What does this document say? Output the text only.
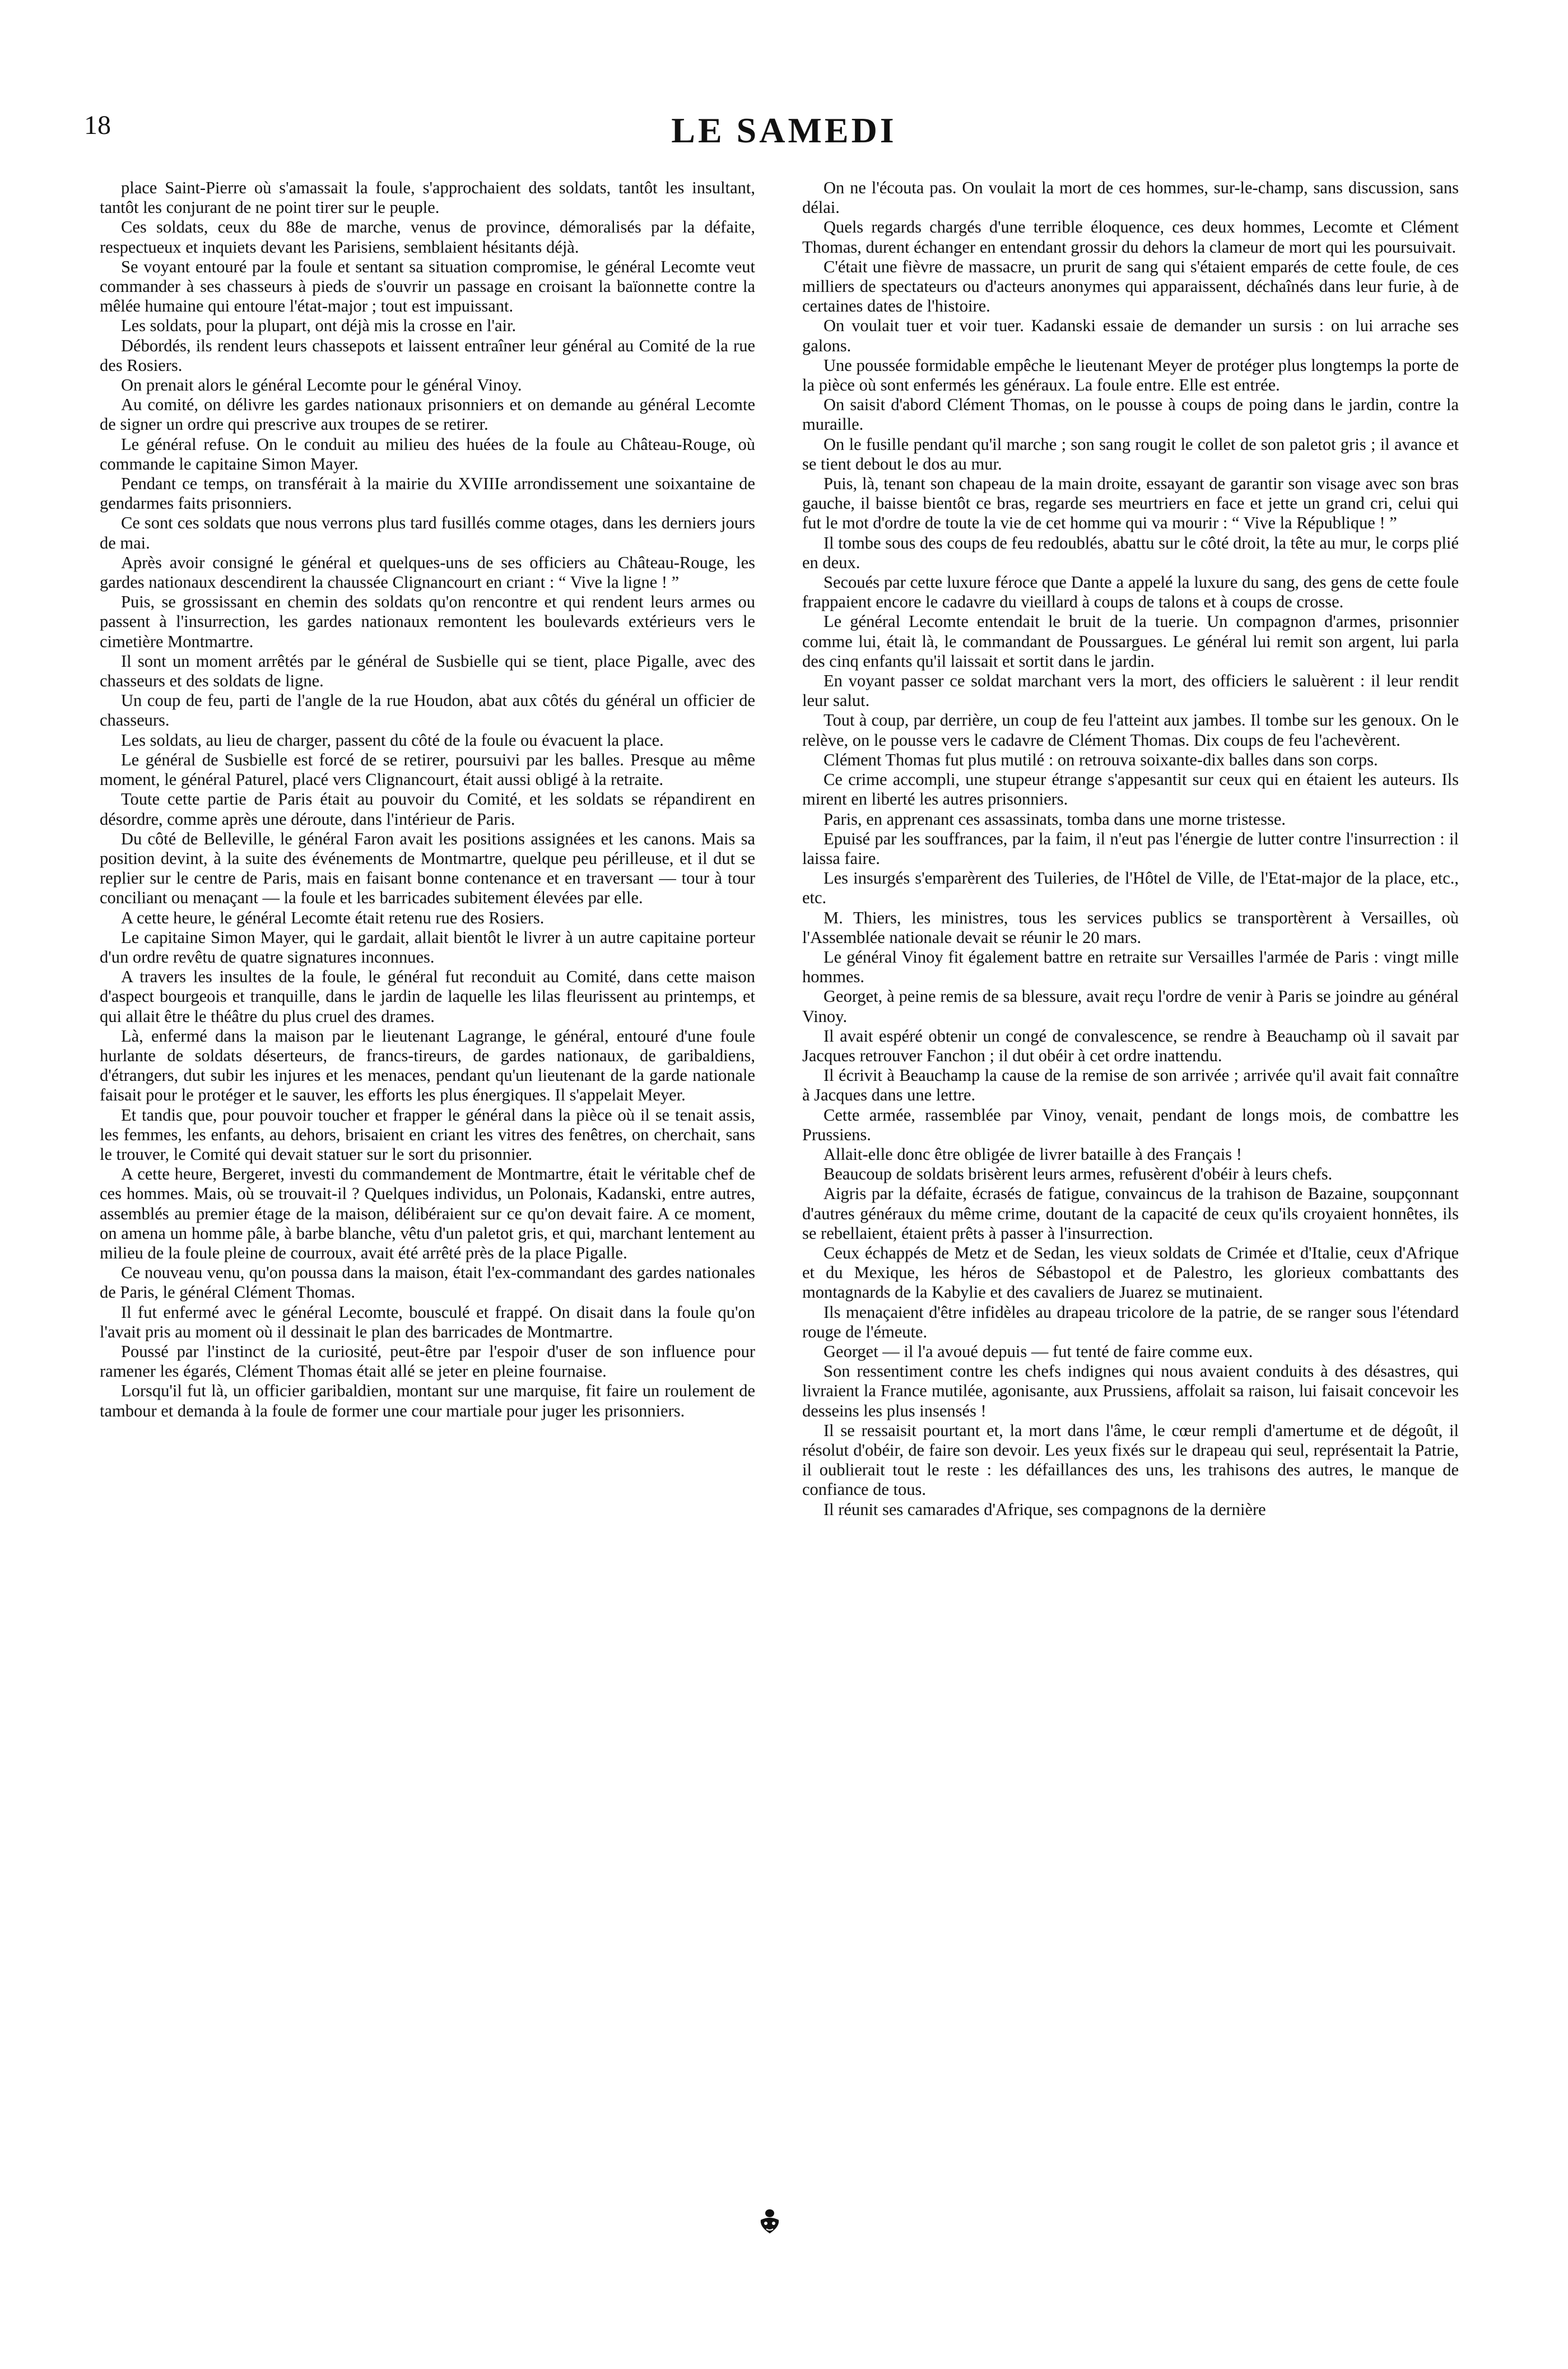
18	LE SAMEDI

place Saint-Pierre où s'amassait la foule, s'approchaient des soldats, tantôt les insultant, tantôt les conjurant de ne point tirer sur le peuple.

Ces soldats, ceux du 88e de marche, venus de province, démoralisés par la défaite, respectueux et inquiets devant les Parisiens, semblaient hésitants déjà.

Se voyant entouré par la foule et sentant sa situation compromise, le général Lecomte veut commander à ses chasseurs à pieds de s'ouvrir un passage en croisant la baïonnette contre la mêlée humaine qui entoure l'état-major ; tout est impuissant.

Les soldats, pour la plupart, ont déjà mis la crosse en l'air.

Débordés, ils rendent leurs chassepots et laissent entraîner leur général au Comité de la rue des Rosiers.

On prenait alors le général Lecomte pour le général Vinoy.

Au comité, on délivre les gardes nationaux prisonniers et on demande au général Lecomte de signer un ordre qui prescrive aux troupes de se retirer.

Le général refuse. On le conduit au milieu des huées de la foule au Château-Rouge, où commande le capitaine Simon Mayer.

Pendant ce temps, on transférait à la mairie du XVIIIe arrondissement une soixantaine de gendarmes faits prisonniers.

Ce sont ces soldats que nous verrons plus tard fusillés comme otages, dans les derniers jours de mai.

Après avoir consigné le général et quelques-uns de ses officiers au Château-Rouge, les gardes nationaux descendirent la chaussée Clignancourt en criant : “ Vive la ligne ! ”

Puis, se grossissant en chemin des soldats qu'on rencontre et qui rendent leurs armes ou passent à l'insurrection, les gardes nationaux remontent les boulevards extérieurs vers le cimetière Montmartre.

Il sont un moment arrêtés par le général de Susbielle qui se tient, place Pigalle, avec des chasseurs et des soldats de ligne.

Un coup de feu, parti de l'angle de la rue Houdon, abat aux côtés du général un officier de chasseurs.

Les soldats, au lieu de charger, passent du côté de la foule ou évacuent la place.

Le général de Susbielle est forcé de se retirer, poursuivi par les balles. Presque au même moment, le général Paturel, placé vers Clignancourt, était aussi obligé à la retraite.

Toute cette partie de Paris était au pouvoir du Comité, et les soldats se répandirent en désordre, comme après une déroute, dans l'intérieur de Paris.

Du côté de Belleville, le général Faron avait les positions assignées et les canons. Mais sa position devint, à la suite des événements de Montmartre, quelque peu périlleuse, et il dut se replier sur le centre de Paris, mais en faisant bonne contenance et en traversant — tour à tour conciliant ou menaçant — la foule et les barricades subitement élevées par elle.

A cette heure, le général Lecomte était retenu rue des Rosiers.

Le capitaine Simon Mayer, qui le gardait, allait bientôt le livrer à un autre capitaine porteur d'un ordre revêtu de quatre signatures inconnues.

A travers les insultes de la foule, le général fut reconduit au Comité, dans cette maison d'aspect bourgeois et tranquille, dans le jardin de laquelle les lilas fleurissent au printemps, et qui allait être le théâtre du plus cruel des drames.

Là, enfermé dans la maison par le lieutenant Lagrange, le général, entouré d'une foule hurlante de soldats déserteurs, de francs-tireurs, de gardes nationaux, de garibaldiens, d'étrangers, dut subir les injures et les menaces, pendant qu'un lieutenant de la garde nationale faisait pour le protéger et le sauver, les efforts les plus énergiques. Il s'appelait Meyer.

Et tandis que, pour pouvoir toucher et frapper le général dans la pièce où il se tenait assis, les femmes, les enfants, au dehors, brisaient en criant les vitres des fenêtres, on cherchait, sans le trouver, le Comité qui devait statuer sur le sort du prisonnier.

A cette heure, Bergeret, investi du commandement de Montmartre, était le véritable chef de ces hommes. Mais, où se trouvait-il ? Quelques individus, un Polonais, Kadanski, entre autres, assemblés au premier étage de la maison, délibéraient sur ce qu'on devait faire. A ce moment, on amena un homme pâle, à barbe blanche, vêtu d'un paletot gris, et qui, marchant lentement au milieu de la foule pleine de courroux, avait été arrêté près de la place Pigalle.

Ce nouveau venu, qu'on poussa dans la maison, était l'ex-commandant des gardes nationales de Paris, le général Clément Thomas.

Il fut enfermé avec le général Lecomte, bousculé et frappé. On disait dans la foule qu'on l'avait pris au moment où il dessinait le plan des barricades de Montmartre.

Poussé par l'instinct de la curiosité, peut-être par l'espoir d'user de son influence pour ramener les égarés, Clément Thomas était allé se jeter en pleine fournaise.

Lorsqu'il fut là, un officier garibaldien, montant sur une marquise, fit faire un roulement de tambour et demanda à la foule de former une cour martiale pour juger les prisonniers.

On ne l'écouta pas. On voulait la mort de ces hommes, sur-le-champ, sans discussion, sans délai.

Quels regards chargés d'une terrible éloquence, ces deux hommes, Lecomte et Clément Thomas, durent échanger en entendant grossir du dehors la clameur de mort qui les poursuivait.

C'était une fièvre de massacre, un prurit de sang qui s'étaient emparés de cette foule, de ces milliers de spectateurs ou d'acteurs anonymes qui apparaissent, déchaînés dans leur furie, à de certaines dates de l'histoire.

On voulait tuer et voir tuer. Kadanski essaie de demander un sursis : on lui arrache ses galons.

Une poussée formidable empêche le lieutenant Meyer de protéger plus longtemps la porte de la pièce où sont enfermés les généraux. La foule entre. Elle est entrée.

On saisit d'abord Clément Thomas, on le pousse à coups de poing dans le jardin, contre la muraille.

On le fusille pendant qu'il marche ; son sang rougit le collet de son paletot gris ; il avance et se tient debout le dos au mur.

Puis, là, tenant son chapeau de la main droite, essayant de garantir son visage avec son bras gauche, il baisse bientôt ce bras, regarde ses meurtriers en face et jette un grand cri, celui qui fut le mot d'ordre de toute la vie de cet homme qui va mourir : “ Vive la République ! ”

Il tombe sous des coups de feu redoublés, abattu sur le côté droit, la tête au mur, le corps plié en deux.

Secoués par cette luxure féroce que Dante a appelé la luxure du sang, des gens de cette foule frappaient encore le cadavre du vieillard à coups de talons et à coups de crosse.

Le général Lecomte entendait le bruit de la tuerie. Un compagnon d'armes, prisonnier comme lui, était là, le commandant de Poussargues. Le général lui remit son argent, lui parla des cinq enfants qu'il laissait et sortit dans le jardin.

En voyant passer ce soldat marchant vers la mort, des officiers le saluèrent : il leur rendit leur salut.

Tout à coup, par derrière, un coup de feu l'atteint aux jambes. Il tombe sur les genoux. On le relève, on le pousse vers le cadavre de Clément Thomas. Dix coups de feu l'achevèrent.

Clément Thomas fut plus mutilé : on retrouva soixante-dix balles dans son corps.

Ce crime accompli, une stupeur étrange s'appesantit sur ceux qui en étaient les auteurs. Ils mirent en liberté les autres prisonniers.

Paris, en apprenant ces assassinats, tomba dans une morne tristesse.

Epuisé par les souffrances, par la faim, il n'eut pas l'énergie de lutter contre l'insurrection : il laissa faire.

Les insurgés s'emparèrent des Tuileries, de l'Hôtel de Ville, de l'Etat-major de la place, etc., etc.

M. Thiers, les ministres, tous les services publics se transportèrent à Versailles, où l'Assemblée nationale devait se réunir le 20 mars.

Le général Vinoy fit également battre en retraite sur Versailles l'armée de Paris : vingt mille hommes.

Georget, à peine remis de sa blessure, avait reçu l'ordre de venir à Paris se joindre au général Vinoy.

Il avait espéré obtenir un congé de convalescence, se rendre à Beauchamp où il savait par Jacques retrouver Fanchon ; il dut obéir à cet ordre inattendu.

Il écrivit à Beauchamp la cause de la remise de son arrivée ; arrivée qu'il avait fait connaître à Jacques dans une lettre.

Cette armée, rassemblée par Vinoy, venait, pendant de longs mois, de combattre les Prussiens.

Allait-elle donc être obligée de livrer bataille à des Français !

Beaucoup de soldats brisèrent leurs armes, refusèrent d'obéir à leurs chefs.

Aigris par la défaite, écrasés de fatigue, convaincus de la trahison de Bazaine, soupçonnant d'autres généraux du même crime, doutant de la capacité de ceux qu'ils croyaient honnêtes, ils se rebellaient, étaient prêts à passer à l'insurrection.

Ceux échappés de Metz et de Sedan, les vieux soldats de Crimée et d'Italie, ceux d'Afrique et du Mexique, les héros de Sébastopol et de Palestro, les glorieux combattants des montagnards de la Kabylie et des cavaliers de Juarez se mutinaient.

Ils menaçaient d'être infidèles au drapeau tricolore de la patrie, de se ranger sous l'étendard rouge de l'émeute.

Georget — il l'a avoué depuis — fut tenté de faire comme eux.

Son ressentiment contre les chefs indignes qui nous avaient conduits à des désastres, qui livraient la France mutilée, agonisante, aux Prussiens, affolait sa raison, lui faisait concevoir les desseins les plus insensés !

Il se ressaisit pourtant et, la mort dans l'âme, le cœur rempli d'amertume et de dégoût, il résolut d'obéir, de faire son devoir. Les yeux fixés sur le drapeau qui seul, représentait la Patrie, il oublierait tout le reste : les défaillances des uns, les trahisons des autres, le manque de confiance de tous.

Il réunit ses camarades d'Afrique, ses compagnons de la dernière
